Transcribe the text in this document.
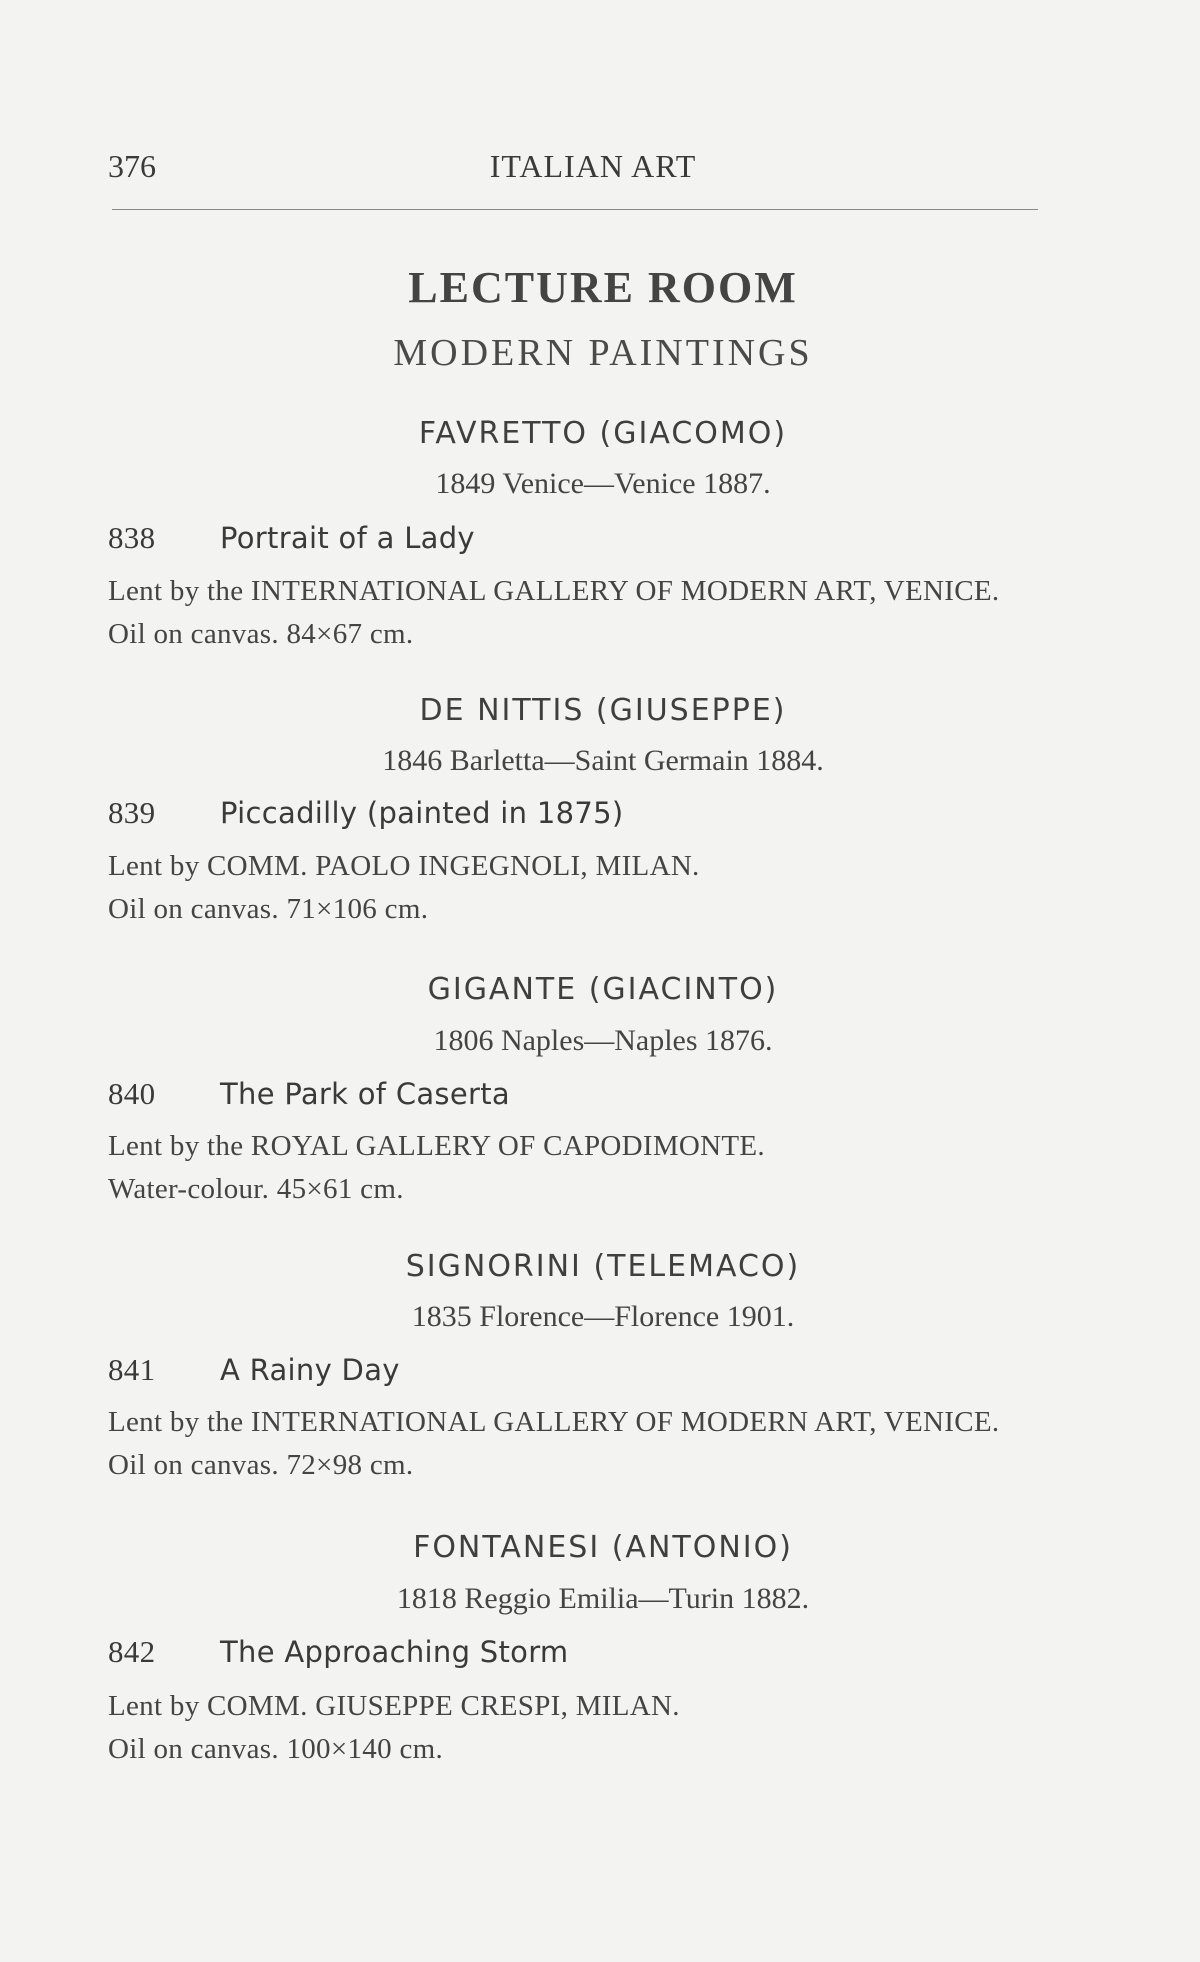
376	ITALIAN ART
LECTURE ROOM
MODERN PAINTINGS
FAVRETTO (GIACOMO)
1849 Venice—Venice 1887.
838 Portrait of a Lady
Lent by the INTERNATIONAL GALLERY OF MODERN ART, VENICE.
Oil on canvas. 84×67 cm.
DE NITTIS (GIUSEPPE)
1846 Barletta—Saint Germain 1884.
839 Piccadilly (painted in 1875)
Lent by COMM. PAOLO INGEGNOLI, MILAN.
Oil on canvas. 71×106 cm.
GIGANTE (GIACINTO)
1806 Naples—Naples 1876.
840 The Park of Caserta
Lent by the ROYAL GALLERY OF CAPODIMONTE.
Water-colour. 45×61 cm.
SIGNORINI (TELEMACO)
1835 Florence—Florence 1901.
841 A Rainy Day
Lent by the INTERNATIONAL GALLERY OF MODERN ART, VENICE.
Oil on canvas. 72×98 cm.
FONTANESI (ANTONIO)
1818 Reggio Emilia—Turin 1882.
842 The Approaching Storm
Lent by COMM. GIUSEPPE CRESPI, MILAN.
Oil on canvas. 100×140 cm.
